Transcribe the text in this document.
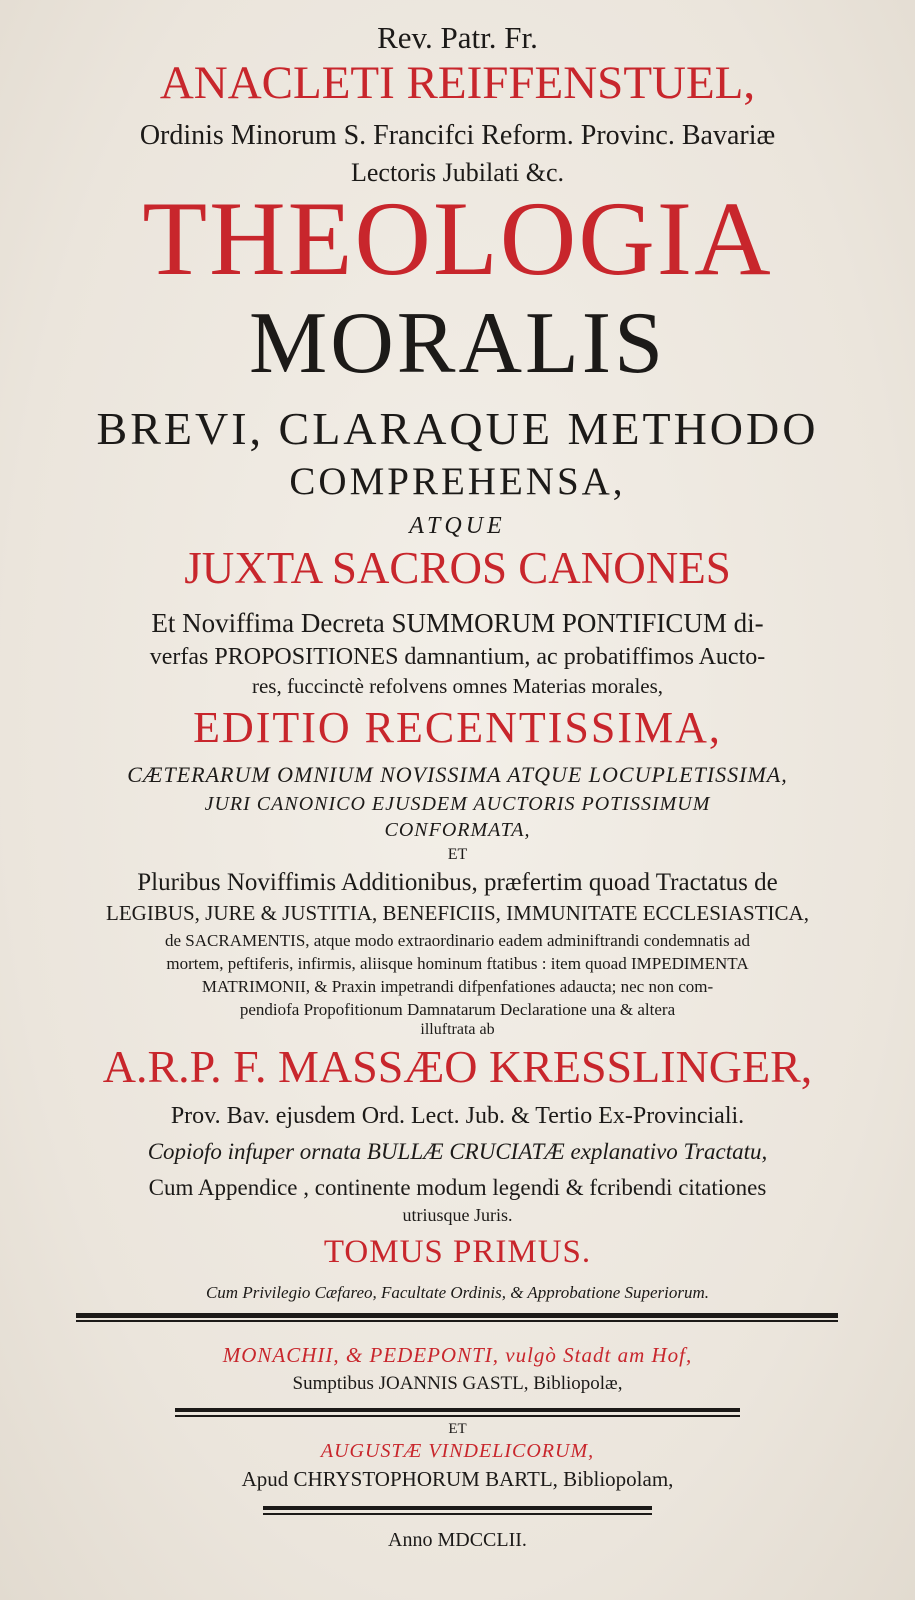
Rev. Patr. Fr.
ANACLETI REIFFENSTUEL,
Ordinis Minorum S. Francifci Reform. Provinc. Bavariæ
Lectoris Jubilati &c.
THEOLOGIA
MORALIS
BREVI, CLARAQUE METHODO
COMPREHENSA,
ATQUE
JUXTA SACROS CANONES
Et Noviffima Decreta SUMMORUM PONTIFICUM di-
verfas PROPOSITIONES damnantium, ac probatiffimos Aucto-
res, fuccinctè refolvens omnes Materias morales,
EDITIO RECENTISSIMA,
CÆTERARUM OMNIUM NOVISSIMA ATQUE LOCUPLETISSIMA,
JURI CANONICO EJUSDEM AUCTORIS POTISSIMUM
CONFORMATA,
ET
Pluribus Noviffimis Additionibus, præfertim quoad Tractatus de
LEGIBUS, JURE & JUSTITIA, BENEFICIIS, IMMUNITATE ECCLESIASTICA,
de SACRAMENTIS, atque modo extraordinario eadem adminiftrandi condemnatis ad
mortem, peftiferis, infirmis, aliisque hominum ftatibus : item quoad IMPEDIMENTA
MATRIMONII, & Praxin impetrandi difpenfationes adaucta; nec non com-
pendiofa Propofitionum Damnatarum Declaratione una & altera
illuftrata ab
A.R.P. F. MASSÆO KRESSLINGER,
Prov. Bav. ejusdem Ord. Lect. Jub. & Tertio Ex-Provinciali.
Copiofo infuper ornata BULLÆ CRUCIATÆ explanativo Tractatu,
Cum Appendice , continente modum legendi & fcribendi citationes
utriusque Juris.
TOMUS PRIMUS.
Cum Privilegio Cæfareo, Facultate Ordinis, & Approbatione Superiorum.
MONACHII, & PEDEPONTI, vulgò Stadt am Hof,
Sumptibus JOANNIS GASTL, Bibliopolæ,
ET
AUGUSTÆ VINDELICORUM,
Apud CHRYSTOPHORUM BARTL, Bibliopolam,
Anno MDCCLII.
